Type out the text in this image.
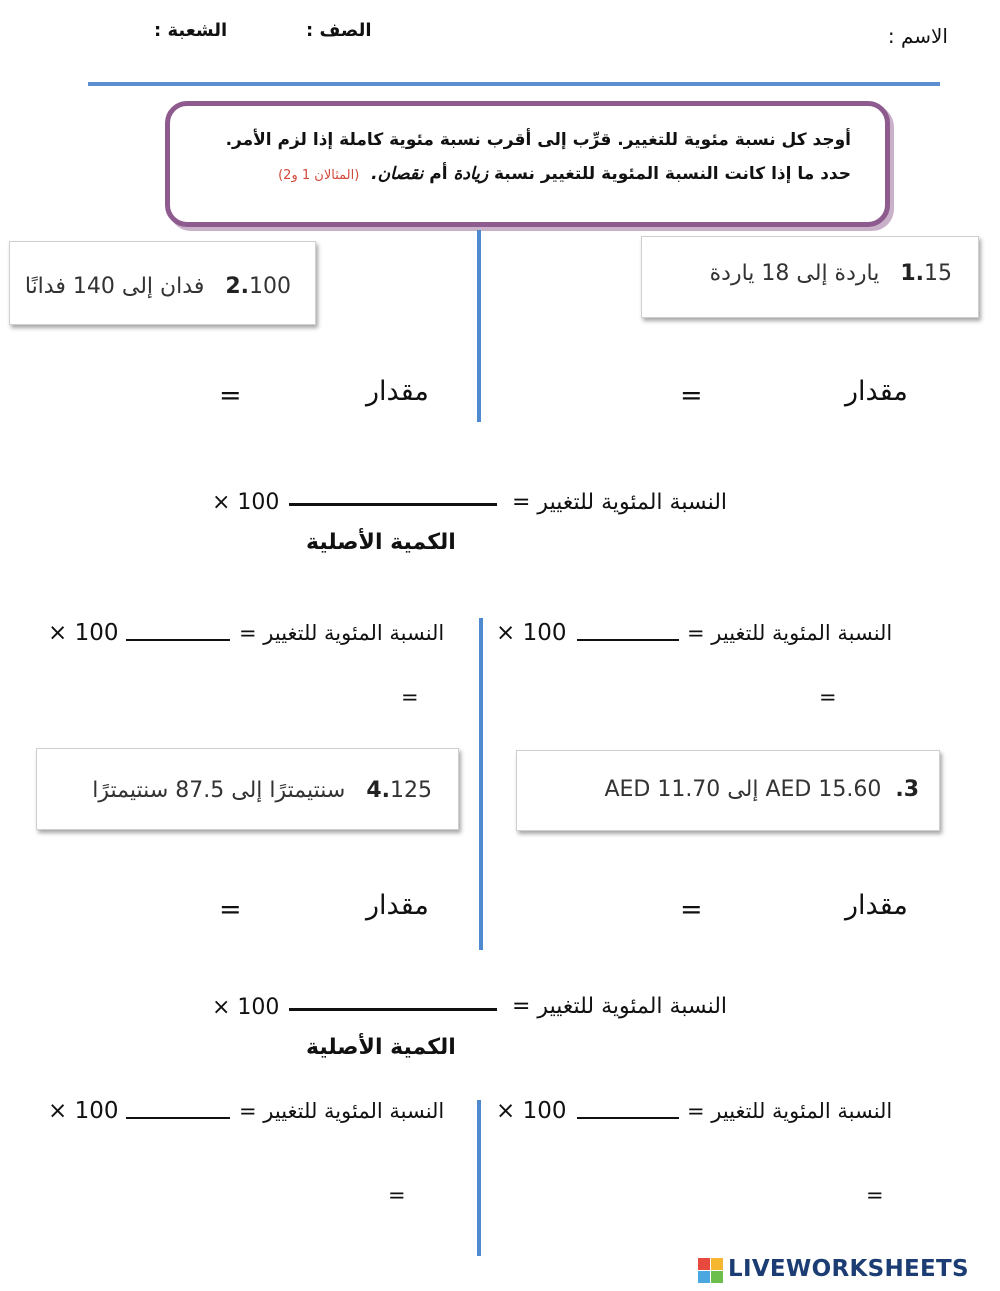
الاسم :
الصف :
الشعبة :
أوجد كل نسبة مئوية للتغيير. قرِّب إلى أقرب نسبة مئوية كاملة إذا لزم الأمر.
حدد ما إذا كانت النسبة المئوية للتغيير نسبة زيادة أم نقصان.  (المثالان 1 و2)
1.15 ياردة إلى 18 ياردة
2.100 فدان إلى 140 فدانًا
مقدار
=
مقدار
=
النسبة المئوية للتغيير =
× 100
الكمية الأصلية
النسبة المئوية للتغيير =
× 100
النسبة المئوية للتغيير =
× 100
=
=
3.AED 15.60 إلى AED 11.70
4.125 سنتيمترًا إلى 87.5 سنتيمترًا
مقدار
=
مقدار
=
النسبة المئوية للتغيير =
× 100
الكمية الأصلية
النسبة المئوية للتغيير =
× 100
النسبة المئوية للتغيير =
× 100
=
=
LIVEWORKSHEETS
